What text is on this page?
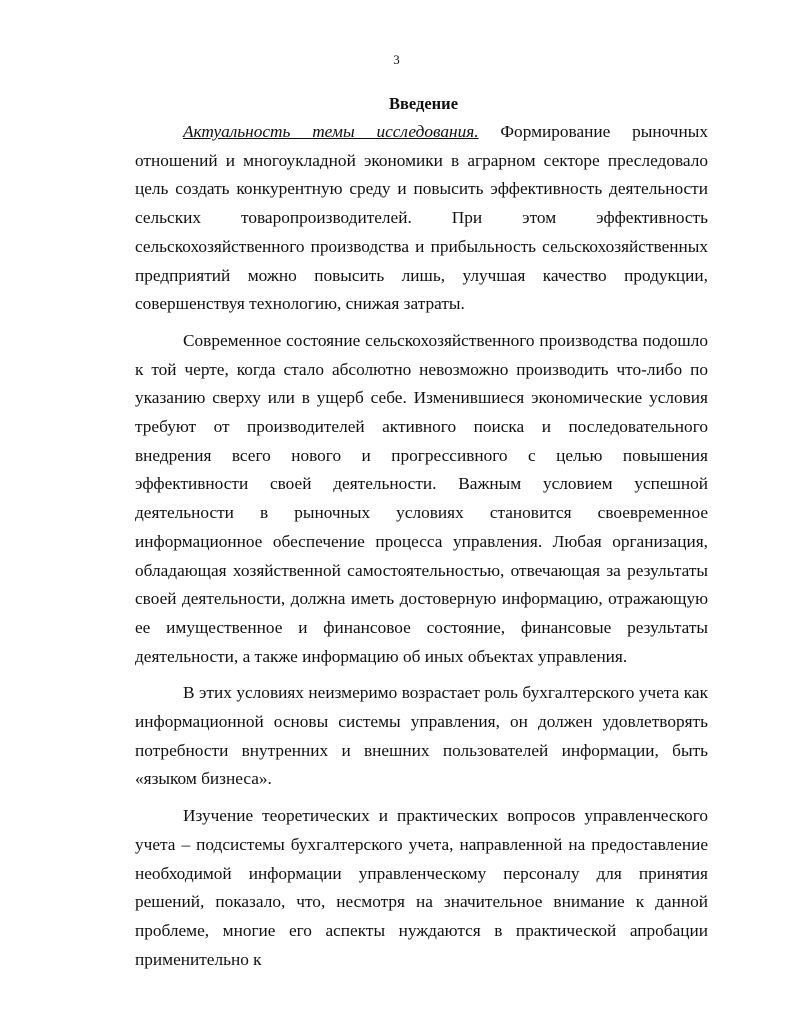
3
Введение

Актуальность темы исследования. Формирование рыночных отношений и многоукладной экономики в аграрном секторе преследовало цель создать конкурентную среду и повысить эффективность деятельности сельских товаропроизводителей. При этом эффективность сельскохозяйственного производства и прибыльность сельскохозяйственных предприятий можно повысить лишь, улучшая качество продукции, совершенствуя технологию, снижая затраты.

Современное состояние сельскохозяйственного производства подошло к той черте, когда стало абсолютно невозможно производить что-либо по указанию сверху или в ущерб себе. Изменившиеся экономические условия требуют от производителей активного поиска и последовательного внедрения всего нового и прогрессивного с целью повышения эффективности своей деятельности. Важным условием успешной деятельности в рыночных условиях становится своевременное информационное обеспечение процесса управления. Любая организация, обладающая хозяйственной самостоятельностью, отвечающая за результаты своей деятельности, должна иметь достоверную информацию, отражающую ее имущественное и финансовое состояние, финансовые результаты деятельности, а также информацию об иных объектах управления.

В этих условиях неизмеримо возрастает роль бухгалтерского учета как информационной основы системы управления, он должен удовлетворять потребности внутренних и внешних пользователей информации, быть «языком бизнеса».

Изучение теоретических и практических вопросов управленческого учета – подсистемы бухгалтерского учета, направленной на предоставление необходимой информации управленческому персоналу для принятия решений, показало, что, несмотря на значительное внимание к данной проблеме, многие его аспекты нуждаются в практической апробации применительно к
